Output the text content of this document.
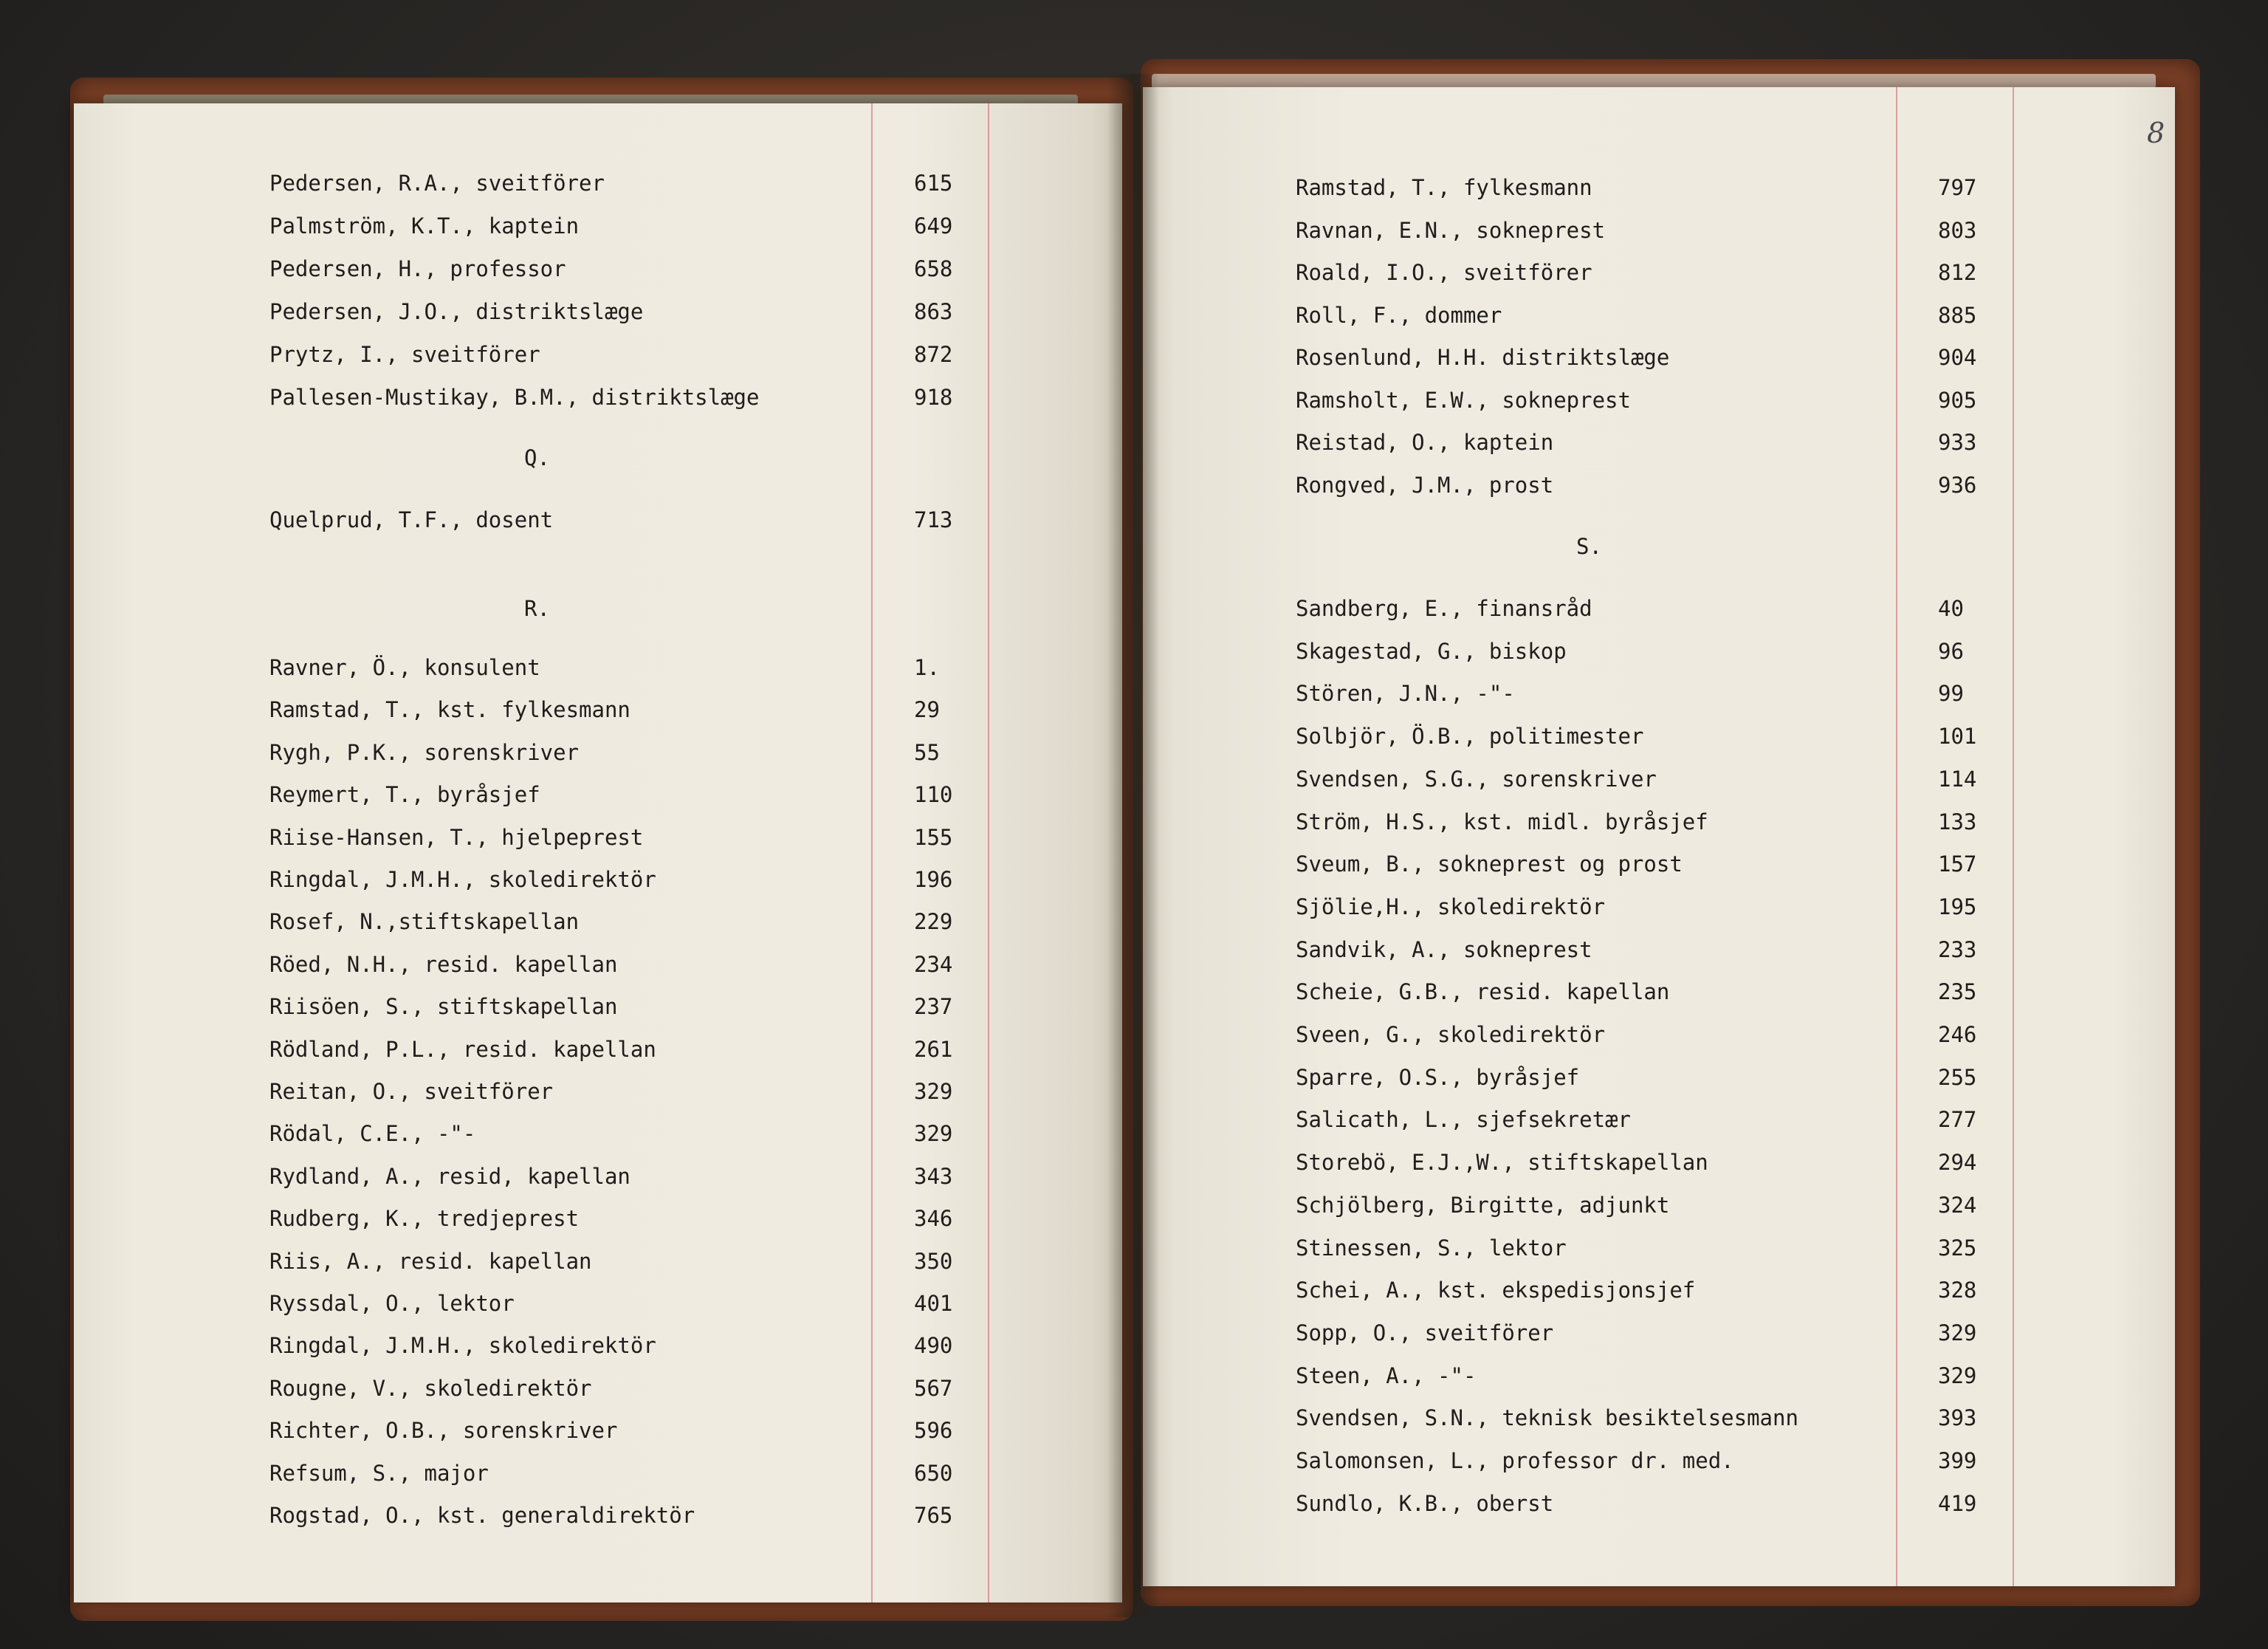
8
Pedersen, R.A., sveitförer	615
Palmström, K.T., kaptein	649
Pedersen, H., professor	658
Pedersen, J.O., distriktslæge	863
Prytz, I., sveitförer	872
Pallesen-Mustikay, B.M., distriktslæge	918
Quelprud, T.F., dosent	713
Ravner, Ö., konsulent	1.
Ramstad, T., kst. fylkesmann	29
Rygh, P.K., sorenskriver	55
Reymert, T., byråsjef	110
Riise-Hansen, T., hjelpeprest	155
Ringdal, J.M.H., skoledirektör	196
Rosef, N.,stiftskapellan	229
Röed, N.H., resid. kapellan	234
Riisöen, S., stiftskapellan	237
Rödland, P.L., resid. kapellan	261
Reitan, O., sveitförer	329
Rödal, C.E., -"-	329
Rydland, A., resid, kapellan	343
Rudberg, K., tredjeprest	346
Riis, A., resid. kapellan	350
Ryssdal, O., lektor	401
Ringdal, J.M.H., skoledirektör	490
Rougne, V., skoledirektör	567
Richter, O.B., sorenskriver	596
Refsum, S., major	650
Rogstad, O., kst. generaldirektör	765
Ramstad, T., fylkesmann	797
Ravnan, E.N., sokneprest	803
Roald, I.O., sveitförer	812
Roll, F., dommer	885
Rosenlund, H.H. distriktslæge	904
Ramsholt, E.W., sokneprest	905
Reistad, O., kaptein	933
Rongved, J.M., prost	936
Sandberg, E., finansråd	40
Skagestad, G., biskop	96
Stören, J.N., -"-	99
Solbjör, Ö.B., politimester	101
Svendsen, S.G., sorenskriver	114
Ström, H.S., kst. midl. byråsjef	133
Sveum, B., sokneprest og prost	157
Sjölie,H., skoledirektör	195
Sandvik, A., sokneprest	233
Scheie, G.B., resid. kapellan	235
Sveen, G., skoledirektör	246
Sparre, O.S., byråsjef	255
Salicath, L., sjefsekretær	277
Storebö, E.J.,W., stiftskapellan	294
Schjölberg, Birgitte, adjunkt	324
Stinessen, S., lektor	325
Schei, A., kst. ekspedisjonsjef	328
Sopp, O., sveitförer	329
Steen, A., -"-	329
Svendsen, S.N., teknisk besiktelsesmann	393
Salomonsen, L., professor dr. med.	399
Sundlo, K.B., oberst	419
Q.
R.
S.
